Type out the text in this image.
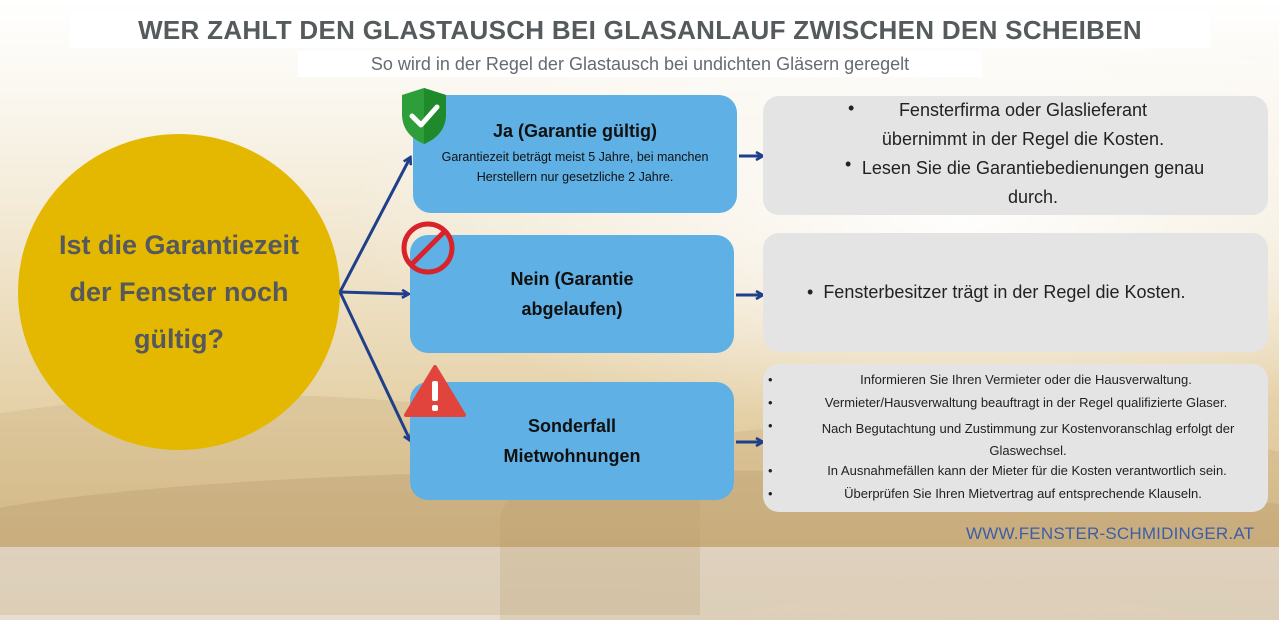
WER ZAHLT DEN GLASTAUSCH BEI GLASANLAUF ZWISCHEN DEN SCHEIBEN
So wird in der Regel der Glastausch bei undichten Gläsern geregelt
Ist die Garantiezeit der Fenster noch gültig?
Ja (Garantie gültig)
Garantiezeit beträgt meist 5 Jahre, bei manchen Herstellern nur gesetzliche 2 Jahre.
Nein (Garantie abgelaufen)
Sonderfall Mietwohnungen
•
•
Fensterfirma oder Glaslieferant übernimmt in der Regel die Kosten.
Lesen Sie die Garantiebedienungen genau durch.
•  Fensterbesitzer trägt in der Regel die Kosten.
•	Informieren Sie Ihren Vermieter oder die Hausverwaltung.
•	Vermieter/Hausverwaltung beauftragt in der Regel qualifizierte Glaser.
•	Nach Begutachtung und Zustimmung zur Kostenvoranschlag erfolgt der Glaswechsel.
•	In Ausnahmefällen kann der Mieter für die Kosten verantwortlich sein.
•	Überprüfen Sie Ihren Mietvertrag auf entsprechende Klauseln.
WWW.FENSTER-SCHMIDINGER.AT
